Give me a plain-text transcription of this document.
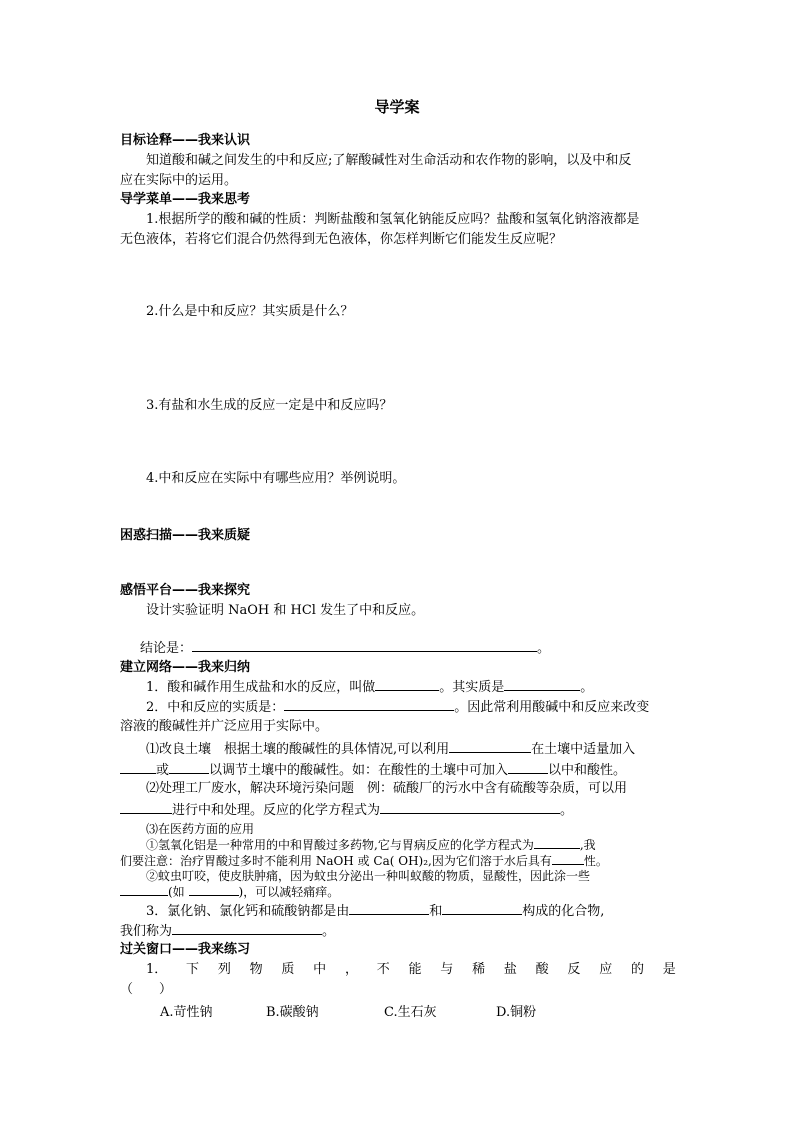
导学案
目标诠释——我来认识
知道酸和碱之间发生的中和反应;了解酸碱性对生命活动和农作物的影响，以及中和反
应在实际中的运用。
导学菜单——我来思考
1.根据所学的酸和碱的性质：判断盐酸和氢氧化钠能反应吗？盐酸和氢氧化钠溶液都是
无色液体，若将它们混合仍然得到无色液体，你怎样判断它们能发生反应呢？
2.什么是中和反应？其实质是什么？
3.有盐和水生成的反应一定是中和反应吗？
4.中和反应在实际中有哪些应用？举例说明。
困惑扫描——我来质疑
感悟平台——我来探究
设计实验证明 NaOH 和 HCl 发生了中和反应。
结论是：	。
建立网络——我来归纳
1．酸和碱作用生成盐和水的反应，叫做	。其实质是	。
2．中和反应的实质是：	。因此常利用酸碱中和反应来改变
溶液的酸碱性并广泛应用于实际中。
⑴改良土壤　根据土壤的酸碱性的具体情况,可以利用	在土壤中适量加入
或	以调节土壤中的酸碱性。如：在酸性的土壤中可加入	以中和酸性。
⑵处理工厂废水，解决环境污染问题　例：硫酸厂的污水中含有硫酸等杂质，可以用
进行中和处理。反应的化学方程式为	。
⑶在医药方面的应用
①氢氧化铝是一种常用的中和胃酸过多药物,它与胃病反应的化学方程式为	,我
们要注意：治疗胃酸过多时不能利用 NaOH 或 Ca( OH)₂,因为它们溶于水后具有	性。
②蚊虫叮咬，使皮肤肿痛，因为蚊虫分泌出一种叫蚁酸的物质，显酸性，因此涂一些
(如	)，可以减轻痛痒。
3．氯化钠、氯化钙和硫酸钠都是由	和	构成的化合物,
我们称为	。
过关窗口——我来练习
1． 下 列 物 质 中 ， 不 能 与 稀 盐 酸 反 应 的 是
（　　）
A.苛性钠	B.碳酸钠	C.生石灰	D.铜粉
